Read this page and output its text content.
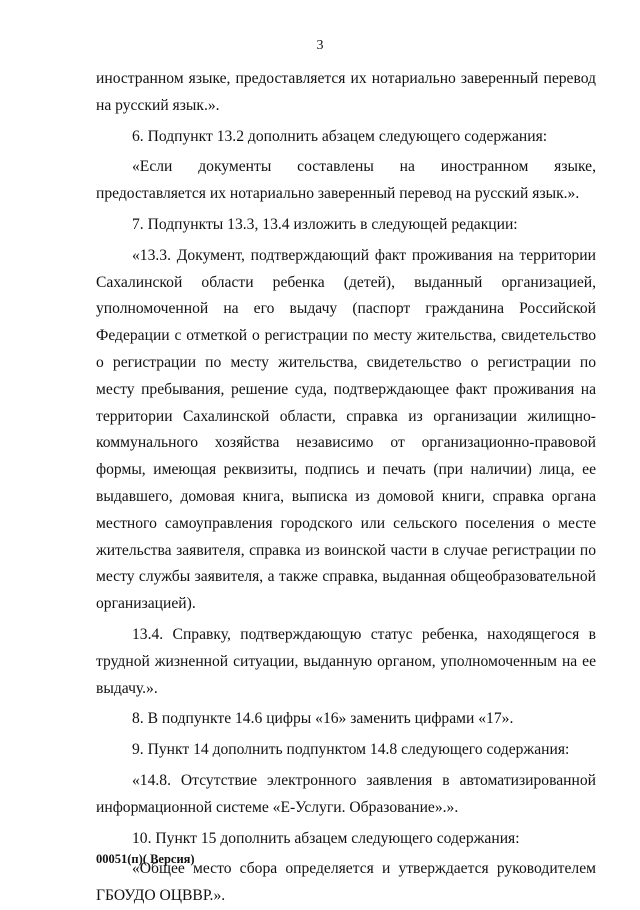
3

иностранном языке, предоставляется их нотариально заверенный перевод на русский язык.».

6. Подпункт 13.2 дополнить абзацем следующего содержания:

«Если документы составлены на иностранном языке, предоставляется их нотариально заверенный перевод на русский язык.».

7. Подпункты 13.3, 13.4 изложить в следующей редакции:

«13.3. Документ, подтверждающий факт проживания на территории Сахалинской области ребенка (детей), выданный организацией, уполномоченной на его выдачу (паспорт гражданина Российской Федерации с отметкой о регистрации по месту жительства, свидетельство о регистрации по месту жительства, свидетельство о регистрации по месту пребывания, решение суда, подтверждающее факт проживания на территории Сахалинской области, справка из организации жилищно-коммунального хозяйства независимо от организационно-правовой формы, имеющая реквизиты, подпись и печать (при наличии) лица, ее выдавшего, домовая книга, выписка из домовой книги, справка органа местного самоуправления городского или сельского поселения о месте жительства заявителя, справка из воинской части в случае регистрации по месту службы заявителя, а также справка, выданная общеобразовательной организацией).

13.4. Справку, подтверждающую статус ребенка, находящегося в трудной жизненной ситуации, выданную органом, уполномоченным на ее выдачу.».

8. В подпункте 14.6 цифры «16» заменить цифрами «17».

9. Пункт 14 дополнить подпунктом 14.8 следующего содержания:

«14.8. Отсутствие электронного заявления в автоматизированной информационной системе «Е-Услуги. Образование».».

10. Пункт 15 дополнить абзацем следующего содержания:

«Общее место сбора определяется и утверждается руководителем ГБОУДО ОЦВВР.».

00051(п)( Версия)
